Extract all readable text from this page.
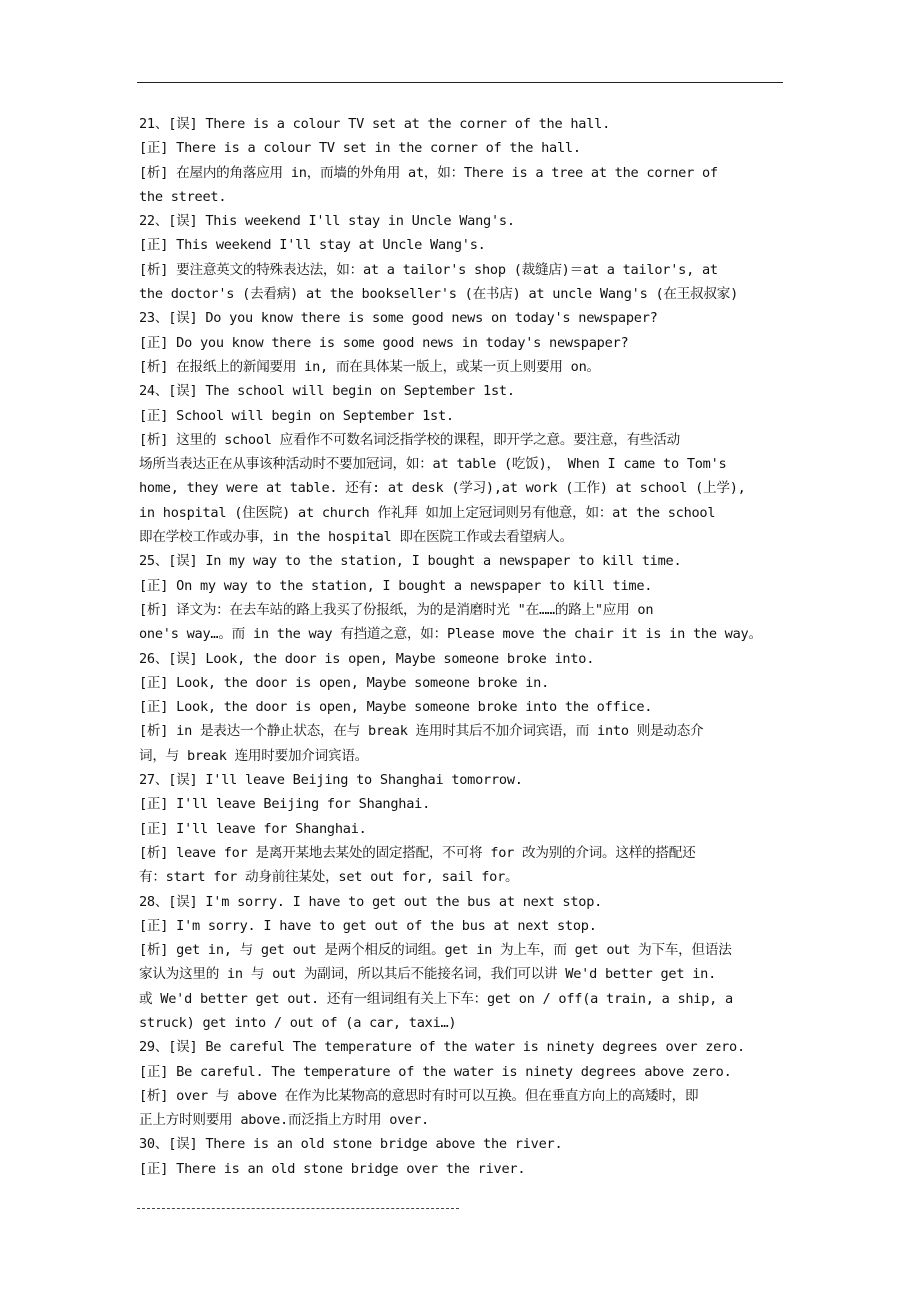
21、[误] There is a colour TV set at the corner of the hall.
[正] There is a colour TV set in the corner of the hall.
[析] 在屋内的角落应用 in，而墙的外角用 at，如：There is a tree at the corner of
the street.
22、[误] This weekend I'll stay in Uncle Wang's.
[正] This weekend I'll stay at Uncle Wang's.
[析] 要注意英文的特殊表达法，如：at a tailor's shop (裁缝店)＝at a tailor's, at
the doctor's (去看病) at the bookseller's (在书店) at uncle Wang's (在王叔叔家)
23、[误] Do you know there is some good news on today's newspaper?
[正] Do you know there is some good news in today's newspaper?
[析] 在报纸上的新闻要用 in, 而在具体某一版上，或某一页上则要用 on。
24、[误] The school will begin on September 1st.
[正] School will begin on September 1st.
[析] 这里的 school 应看作不可数名词泛指学校的课程，即开学之意。要注意，有些活动
场所当表达正在从事该种活动时不要加冠词，如：at table (吃饭)， When I came to Tom's
home, they were at table. 还有: at desk (学习),at work (工作) at school (上学),
in hospital (住医院) at church 作礼拜 如加上定冠词则另有他意，如：at the school
即在学校工作或办事，in the hospital 即在医院工作或去看望病人。
25、[误] In my way to the station, I bought a newspaper to kill time.
[正] On my way to the station, I bought a newspaper to kill time.
[析] 译文为：在去车站的路上我买了份报纸，为的是消磨时光 "在……的路上"应用 on
one's way…。而 in the way 有挡道之意，如：Please move the chair it is in the way。
26、[误] Look, the door is open, Maybe someone broke into.
[正] Look, the door is open, Maybe someone broke in.
[正] Look, the door is open, Maybe someone broke into the office.
[析] in 是表达一个静止状态，在与 break 连用时其后不加介词宾语，而 into 则是动态介
词，与 break 连用时要加介词宾语。
27、[误] I'll leave Beijing to Shanghai tomorrow.
[正] I'll leave Beijing for Shanghai.
[正] I'll leave for Shanghai.
[析] leave for 是离开某地去某处的固定搭配，不可将 for 改为别的介词。这样的搭配还
有：start for 动身前往某处，set out for, sail for。
28、[误] I'm sorry. I have to get out the bus at next stop.
[正] I'm sorry. I have to get out of the bus at next stop.
[析] get in, 与 get out 是两个相反的词组。get in 为上车，而 get out 为下车，但语法
家认为这里的 in 与 out 为副词，所以其后不能接名词，我们可以讲 We'd better get in.
或 We'd better get out. 还有一组词组有关上下车：get on / off(a train, a ship, a
struck) get into / out of (a car, taxi…)
29、[误] Be careful The temperature of the water is ninety degrees over zero.
[正] Be careful. The temperature of the water is ninety degrees above zero.
[析] over 与 above 在作为比某物高的意思时有时可以互换。但在垂直方向上的高矮时，即
正上方时则要用 above.而泛指上方时用 over.
30、[误] There is an old stone bridge above the river.
[正] There is an old stone bridge over the river.
